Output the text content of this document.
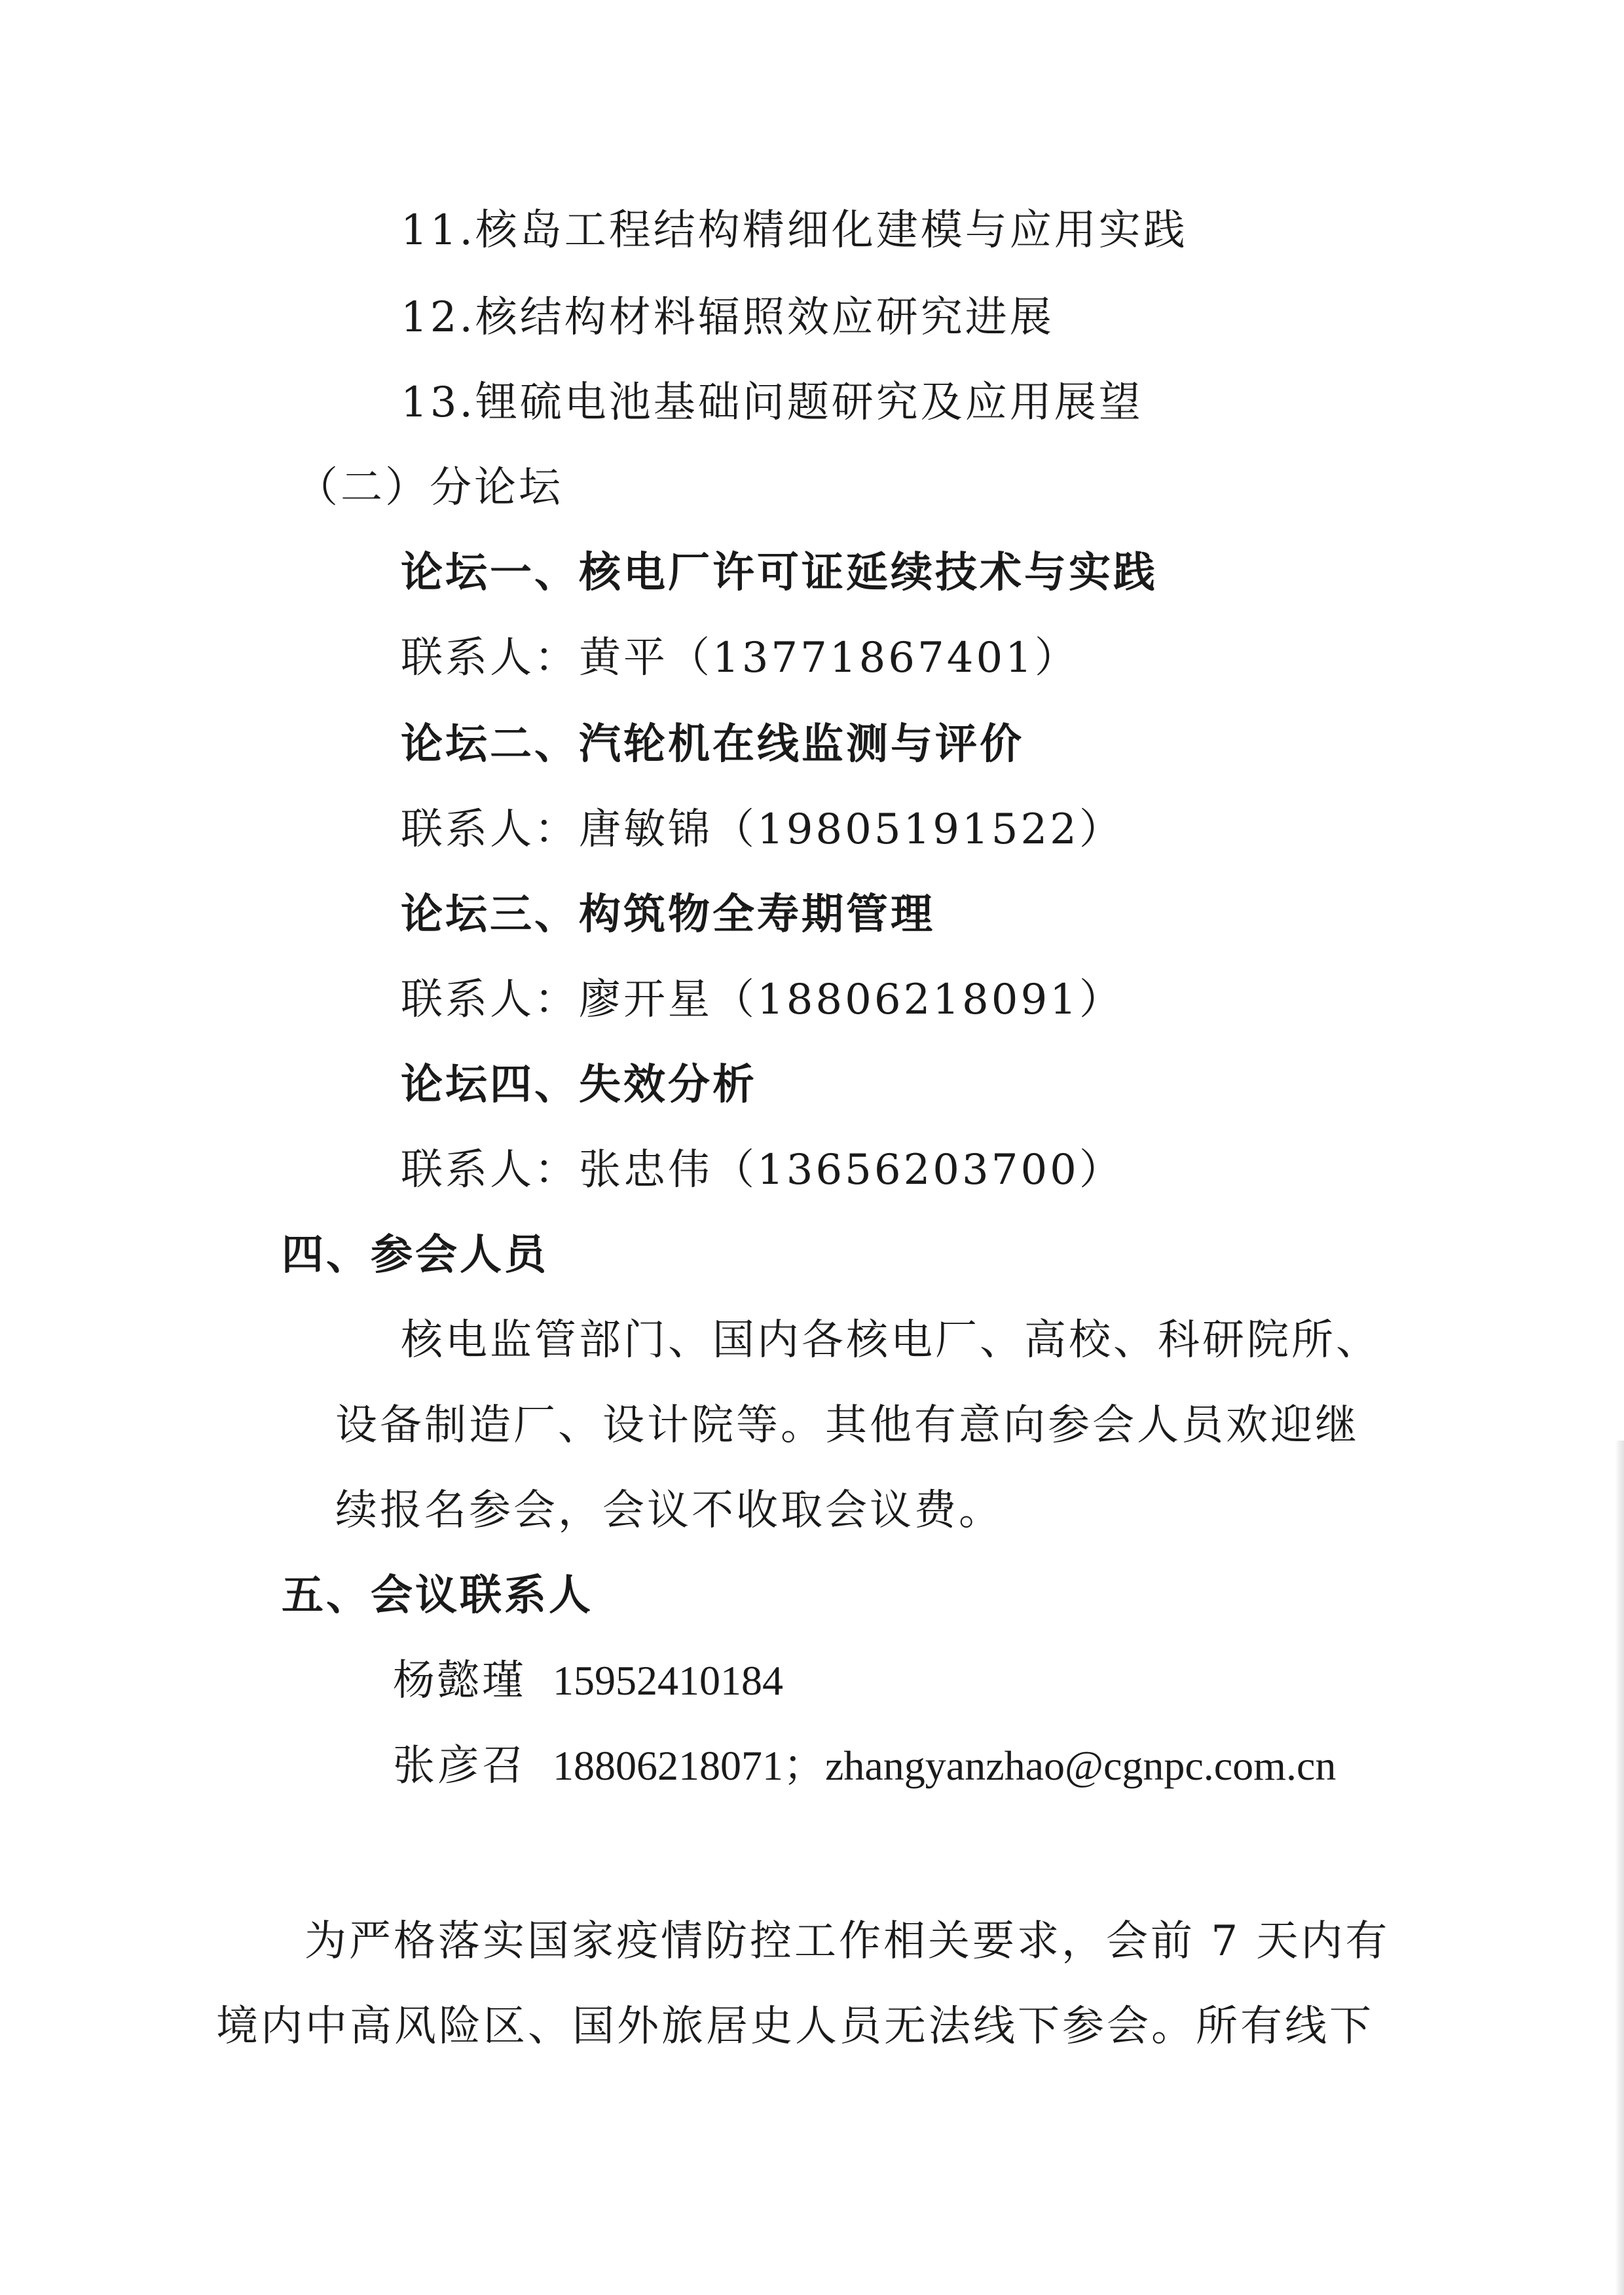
11.核岛工程结构精细化建模与应用实践
12.核结构材料辐照效应研究进展
13.锂硫电池基础问题研究及应用展望
（二）分论坛
论坛一、核电厂许可证延续技术与实践
联系人：黄平（13771867401）
论坛二、汽轮机在线监测与评价
联系人：唐敏锦（19805191522）
论坛三、构筑物全寿期管理
联系人：廖开星（18806218091）
论坛四、失效分析
联系人：张忠伟（13656203700）
四、参会人员
核电监管部门、国内各核电厂、高校、科研院所、
设备制造厂、设计院等。其他有意向参会人员欢迎继
续报名参会，会议不收取会议费。
五、会议联系人
杨懿瑾 15952410184
张彦召 18806218071；zhangyanzhao@cgnpc.com.cn
为严格落实国家疫情防控工作相关要求，会前 7 天内有
境内中高风险区、国外旅居史人员无法线下参会。所有线下
